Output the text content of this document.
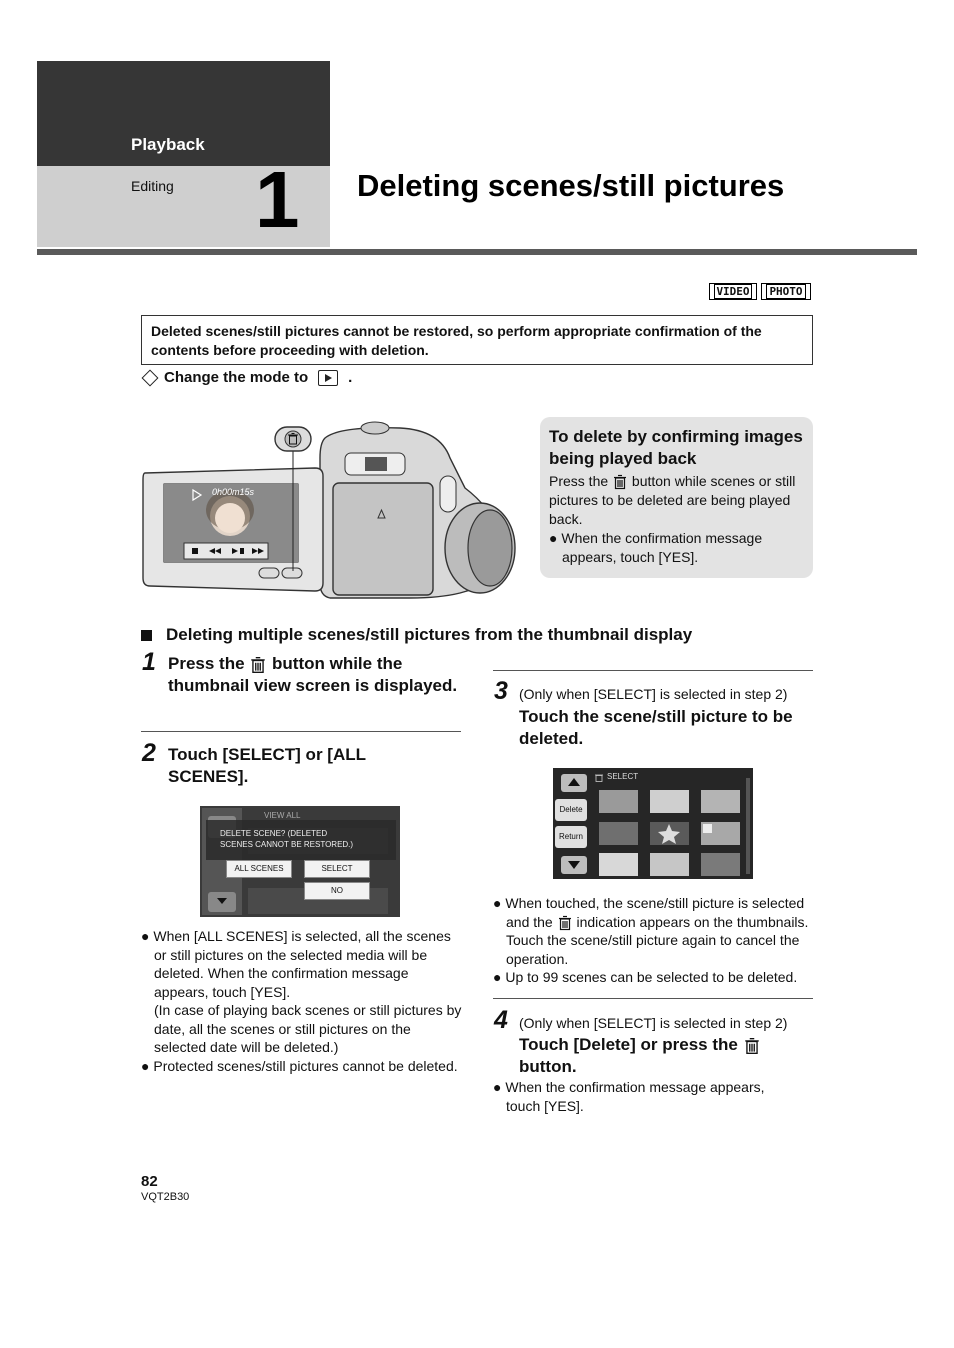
Playback
Editing 1 Deleting scenes/still pictures
VIDEO	PHOTO
Deleted scenes/still pictures cannot be restored, so perform appropriate confirmation of the contents before proceeding with deletion.
Change the mode to	.
0h00m15s
To delete by confirming images being played back
Press the button while scenes or still pictures to be deleted are being played back.
● When the confirmation message appears, touch [YES].
Deleting multiple scenes/still pictures from the thumbnail display
1 Press the button while the thumbnail view screen is displayed.
2 Touch [SELECT] or [ALL SCENES].
VIEW ALL
DELETE SCENE? (DELETED SCENES CANNOT BE RESTORED.)
ALL SCENES	SELECT
NO
● When [ALL SCENES] is selected, all the scenes or still pictures on the selected media will be deleted. When the confirmation message appears, touch [YES].
(In case of playing back scenes or still pictures by date, all the scenes or still pictures on the selected date will be deleted.)
● Protected scenes/still pictures cannot be deleted.
3 (Only when [SELECT] is selected in step 2)
Touch the scene/still picture to be deleted.
SELECT
Delete
Return
● When touched, the scene/still picture is selected and the indication appears on the thumbnails. Touch the scene/still picture again to cancel the operation.
● Up to 99 scenes can be selected to be deleted.
4 (Only when [SELECT] is selected in step 2)
Touch [Delete] or press the  button.
● When the confirmation message appears, touch [YES].
82
VQT2B30
